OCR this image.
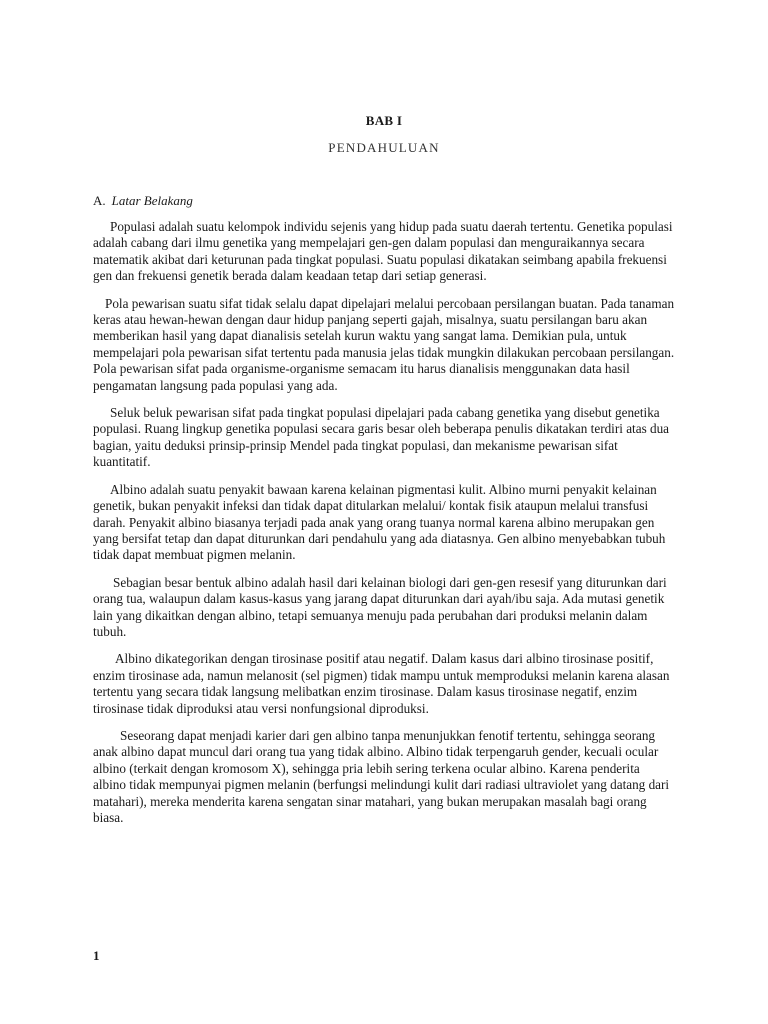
BAB I
PENDAHULUAN
A. Latar Belakang

Populasi adalah suatu kelompok individu sejenis yang hidup pada suatu daerah tertentu. Genetika populasi adalah cabang dari ilmu genetika yang mempelajari gen-gen dalam populasi dan menguraikannya secara matematik akibat dari keturunan pada tingkat populasi. Suatu populasi dikatakan seimbang apabila frekuensi gen dan frekuensi genetik berada dalam keadaan tetap dari setiap generasi.

Pola pewarisan suatu sifat tidak selalu dapat dipelajari melalui percobaan persilangan buatan. Pada tanaman keras atau hewan-hewan dengan daur hidup panjang seperti gajah, misalnya, suatu persilangan baru akan memberikan hasil yang dapat dianalisis setelah kurun waktu yang sangat lama. Demikian pula, untuk mempelajari pola pewarisan sifat tertentu pada manusia jelas tidak mungkin dilakukan percobaan persilangan. Pola pewarisan sifat pada organisme-organisme semacam itu harus dianalisis menggunakan data hasil pengamatan langsung pada populasi yang ada.

Seluk beluk pewarisan sifat pada tingkat populasi dipelajari pada cabang genetika yang disebut genetika populasi. Ruang lingkup genetika populasi secara garis besar oleh beberapa penulis dikatakan terdiri atas dua bagian, yaitu deduksi prinsip-prinsip Mendel pada tingkat populasi, dan mekanisme pewarisan sifat kuantitatif.

Albino adalah suatu penyakit bawaan karena kelainan pigmentasi kulit. Albino murni penyakit kelainan genetik, bukan penyakit infeksi dan tidak dapat ditularkan melalui/ kontak fisik ataupun melalui transfusi darah. Penyakit albino biasanya terjadi pada anak yang orang tuanya normal karena albino merupakan gen yang bersifat tetap dan dapat diturunkan dari pendahulu yang ada diatasnya. Gen albino menyebabkan tubuh tidak dapat membuat pigmen melanin.

Sebagian besar bentuk albino adalah hasil dari kelainan biologi dari gen-gen resesif yang diturunkan dari orang tua, walaupun dalam kasus-kasus yang jarang dapat diturunkan dari ayah/ibu saja. Ada mutasi genetik lain yang dikaitkan dengan albino, tetapi semuanya menuju pada perubahan dari produksi melanin dalam tubuh.

Albino dikategorikan dengan tirosinase positif atau negatif. Dalam kasus dari albino tirosinase positif, enzim tirosinase ada, namun melanosit (sel pigmen) tidak mampu untuk memproduksi melanin karena alasan tertentu yang secara tidak langsung melibatkan enzim tirosinase. Dalam kasus tirosinase negatif, enzim tirosinase tidak diproduksi atau versi nonfungsional diproduksi.

Seseorang dapat menjadi karier dari gen albino tanpa menunjukkan fenotif tertentu, sehingga seorang anak albino dapat muncul dari orang tua yang tidak albino. Albino tidak terpengaruh gender, kecuali ocular albino (terkait dengan kromosom X), sehingga pria lebih sering terkena ocular albino. Karena penderita albino tidak mempunyai pigmen melanin (berfungsi melindungi kulit dari radiasi ultraviolet yang datang dari matahari), mereka menderita karena sengatan sinar matahari, yang bukan merupakan masalah bagi orang biasa.

1
